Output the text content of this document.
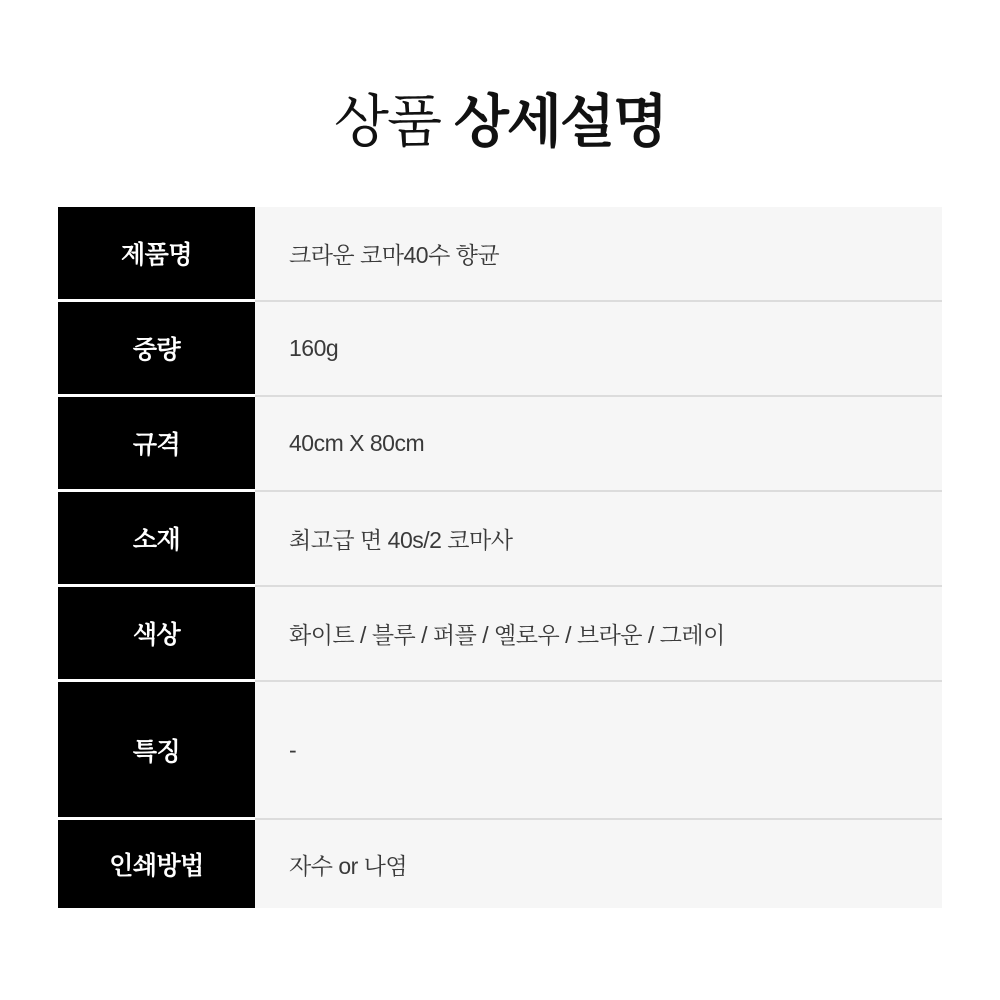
상품 상세설명
제품명	크라운 코마40수 향균
중량	160g
규격	40cm X 80cm
소재	최고급 면 40s/2 코마사
색상	화이트 / 블루 / 퍼플 / 옐로우 / 브라운 / 그레이
특징	-
인쇄방법	자수 or 나염
